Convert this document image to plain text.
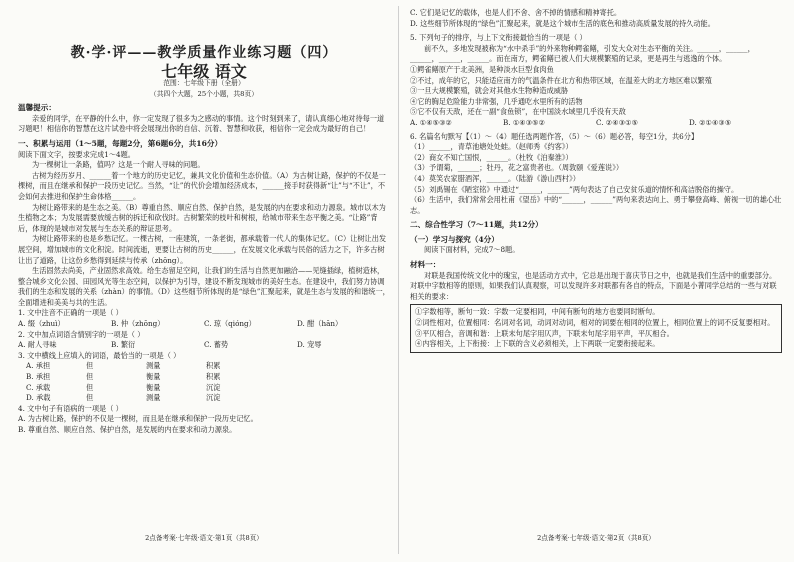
教·学·评——教学质量作业练习题（四）
七年级 语文
范围：七年级下册（全册）
（共四个大题，25个小题，共8页）
温馨提示：

亲爱的同学，在平静的什么中，你一定发现了很多为之感动的事情。这个时刻到来了，请认真细心地对待每一道习题吧！相信你的智慧在这片试卷中将会展现出你的自信、沉着、智慧和收获，相信你一定会成为最好的自己！

一、积累与运用（1～5题，每题2分，第6题6分，共16分）

阅读下面文字，按要求完成1～4题。

为一棵树让一条路，值吗？这是一个耐人寻味的问题。

古树为经历岁月、______着一个地方的历史记忆，兼具文化价值和生态价值。（A）为古树让路，保护的不仅是一棵树，而且在继承和保护一段历史记忆。当然，“让”的代价会增加经济成本，______接手时获得新“让”与“不让”，不会如何去推进和保护生命体格______。

为树让路带来的是生态之美。（B）尊重自然、顺应自然、保护自然，是发展的内在要求和动力源泉。城市以木为生植物之本；为发展需要放缓古树的拆迁和砍伐时。古树繁荣的枝叶和树根，给城市带来生态平衡之美。“让路”背后，体现的是城市对发展与生态关系的辩证思考。

为树让路带来的也是乡愁记忆。一棵古树，一座建筑，一条老街，都承载着一代人的集体记忆。（C）让树让出发展空间，增加城市的文化积淀。时间流逝，更要让古树的历史______，在发展文化承载与民俗的活力之下，许多古树让出了道路，让这份乡愁得到延续与传承（zhōng）。

生活固然去尚美，产业固然求高效。给生态留足空间，让我们的生活与自然更加融洽——见缝插绿，植树造林，整合城乡文化公园、田园风光等生态空间，以保护为引导，建设不断发现城市的美好生态。在建设中，我们努力协调我们的生态和发展的关系（zhàn）的事情。（D）这些细节所体现的是“绿色”汇聚起来，就是生态与发展的和谐统一，全面增进和美美与共的生活。

1. 文中注音不正确的一项是（ ）

A. 缀（zhuì）	B. 仲（zhōng）	C. 琼（qióng）	D. 酣（hān）

2. 文中加点词语含情别字的一项是（ ）

A. 耐人寻味	B. 繁衍	C. 蓄势	D. 宠辱

3. 文中横线上应填入的词语，最恰当的一项是（ ）

A. 承担	但	测量	积累
B. 承担	但	衡量	积累
C. 承载	但	衡量	沉淀
D. 承载	但	测量	沉淀

4. 文中句子有语病的一项是（ ）

A. 为古树让路，保护的不仅是一棵树，而且是在继承和保护一段历史记忆。

B. 尊重自然、顺应自然、保护自然，是发展的内在要求和动力源泉。

2点备考案·七年级·语文·第1页（共8页）

C. 它们是记忆的载体，也是人们不舍、舍不掉的情感和精神寄托。

D. 这些细节所体现的“绿色”汇聚起来，就是这个城市生活的底色和推动高质量发展的持久动能。

5. 下列句子的排序，与上下文衔接最恰当的一项是（ ）

前不久，多地发现被称为“水中杀手”的外来物种鳄雀鳝，引发大众对生态平衡的关注。______，______，______，______，______。而在南方，鳄雀鳝已被人们大规模繁殖的记录，更是再生与逃逸的个体。

①鳄雀鳝原产于北美洲，是种淡水巨型食肉鱼

②不过，成年的它，只能适应南方的气温条件在北方和热带区域，在温差大的北方地区难以繁殖

③一旦大规模繁殖，就会对其他水生物种造成威胁

④它的胸足危险能力非常强，几乎通吃水里所有的活物

⑤它不仅有天敌，还在一副“食鱼锁”，在中国淡水域里几乎没有天敌

A. ①④⑤③②	B. ①④③⑤②	C. ②④③①⑤	D. ②①④③⑤

6. 名篇名句默写【（1）～（4）题任选两题作答，（5）～（6）题必答，每空1分，共6分】

（1）______，青草池塘处处蛙。（赵师秀《约客》）

（2）商女不知亡国恨，______。（杜牧《泊秦淮》）

（3）予谓菊，______；牡丹，花之富贵者也。（周敦颐《爱莲说》）

（4）莫笑农家腊酒浑，______。（陆游《游山西村》）

（5）刘禹锡在《陋室铭》中通过“______，______”两句表达了自己安贫乐道的情怀和高洁脱俗的操守。

（6）生活中，我们常常会用杜甫《望岳》中的“______，______”两句来表达向上、勇于攀登高峰、俯视一切的雄心壮志。

二、综合性学习（7～11题，共12分）
（一）学习与探究（4分）

阅读下面材料，完成7～8题。

材料一：

对联是我国传统文化中的瑰宝，也是活动方式中，它总是出现于喜庆节日之中，也就是我们生活中的重要部分。对联中字数相等的原则，如果我们认真观察，可以发现许多对联都有各自的特点，下面是小菁同学总结的一些与对联相关的要求：

①字数相等，断句一致：字数一定要相同，中间有断句的地方也要同时断句。

②词性相对，位置相同：名词对名词，动词对动词，相对的词要在相同的位置上，相同位置上的词不反复要相对。

③平仄相合，音调和谐：上联末句尾字用仄声，下联末句尾字用平声，平仄相合。

④内容相关，上下衔接：上下联的含义必须相关，上下两联一定要衔接起来。

2点备考案·七年级·语文·第2页（共8页）
